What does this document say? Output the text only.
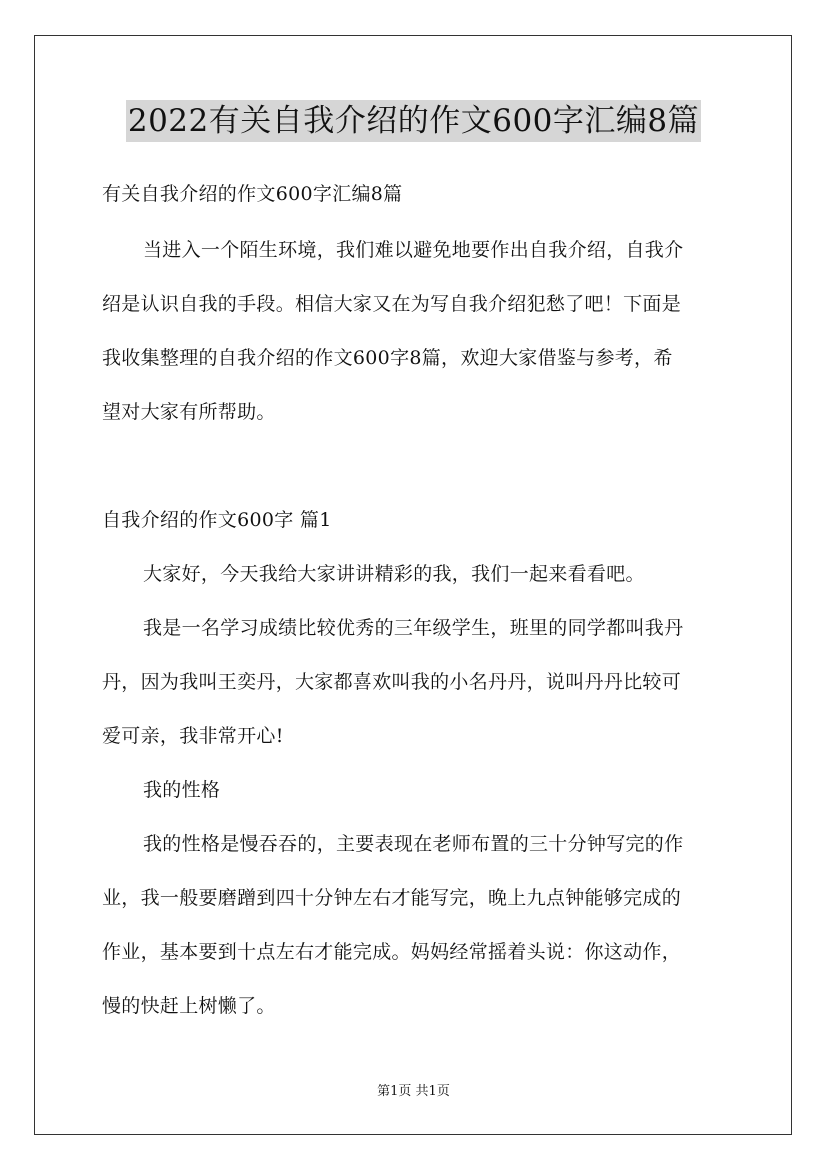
2022有关自我介绍的作文600字汇编8篇
有关自我介绍的作文600字汇编8篇
当进入一个陌生环境，我们难以避免地要作出自我介绍，自我介
绍是认识自我的手段。相信大家又在为写自我介绍犯愁了吧！下面是
我收集整理的自我介绍的作文600字8篇，欢迎大家借鉴与参考，希
望对大家有所帮助。
自我介绍的作文600字 篇1
大家好，今天我给大家讲讲精彩的我，我们一起来看看吧。
我是一名学习成绩比较优秀的三年级学生，班里的同学都叫我丹
丹，因为我叫王奕丹，大家都喜欢叫我的小名丹丹，说叫丹丹比较可
爱可亲，我非常开心!
我的性格
我的性格是慢吞吞的，主要表现在老师布置的三十分钟写完的作
业，我一般要磨蹭到四十分钟左右才能写完，晚上九点钟能够完成的
作业，基本要到十点左右才能完成。妈妈经常摇着头说：你这动作，
慢的快赶上树懒了。
第1页 共1页
